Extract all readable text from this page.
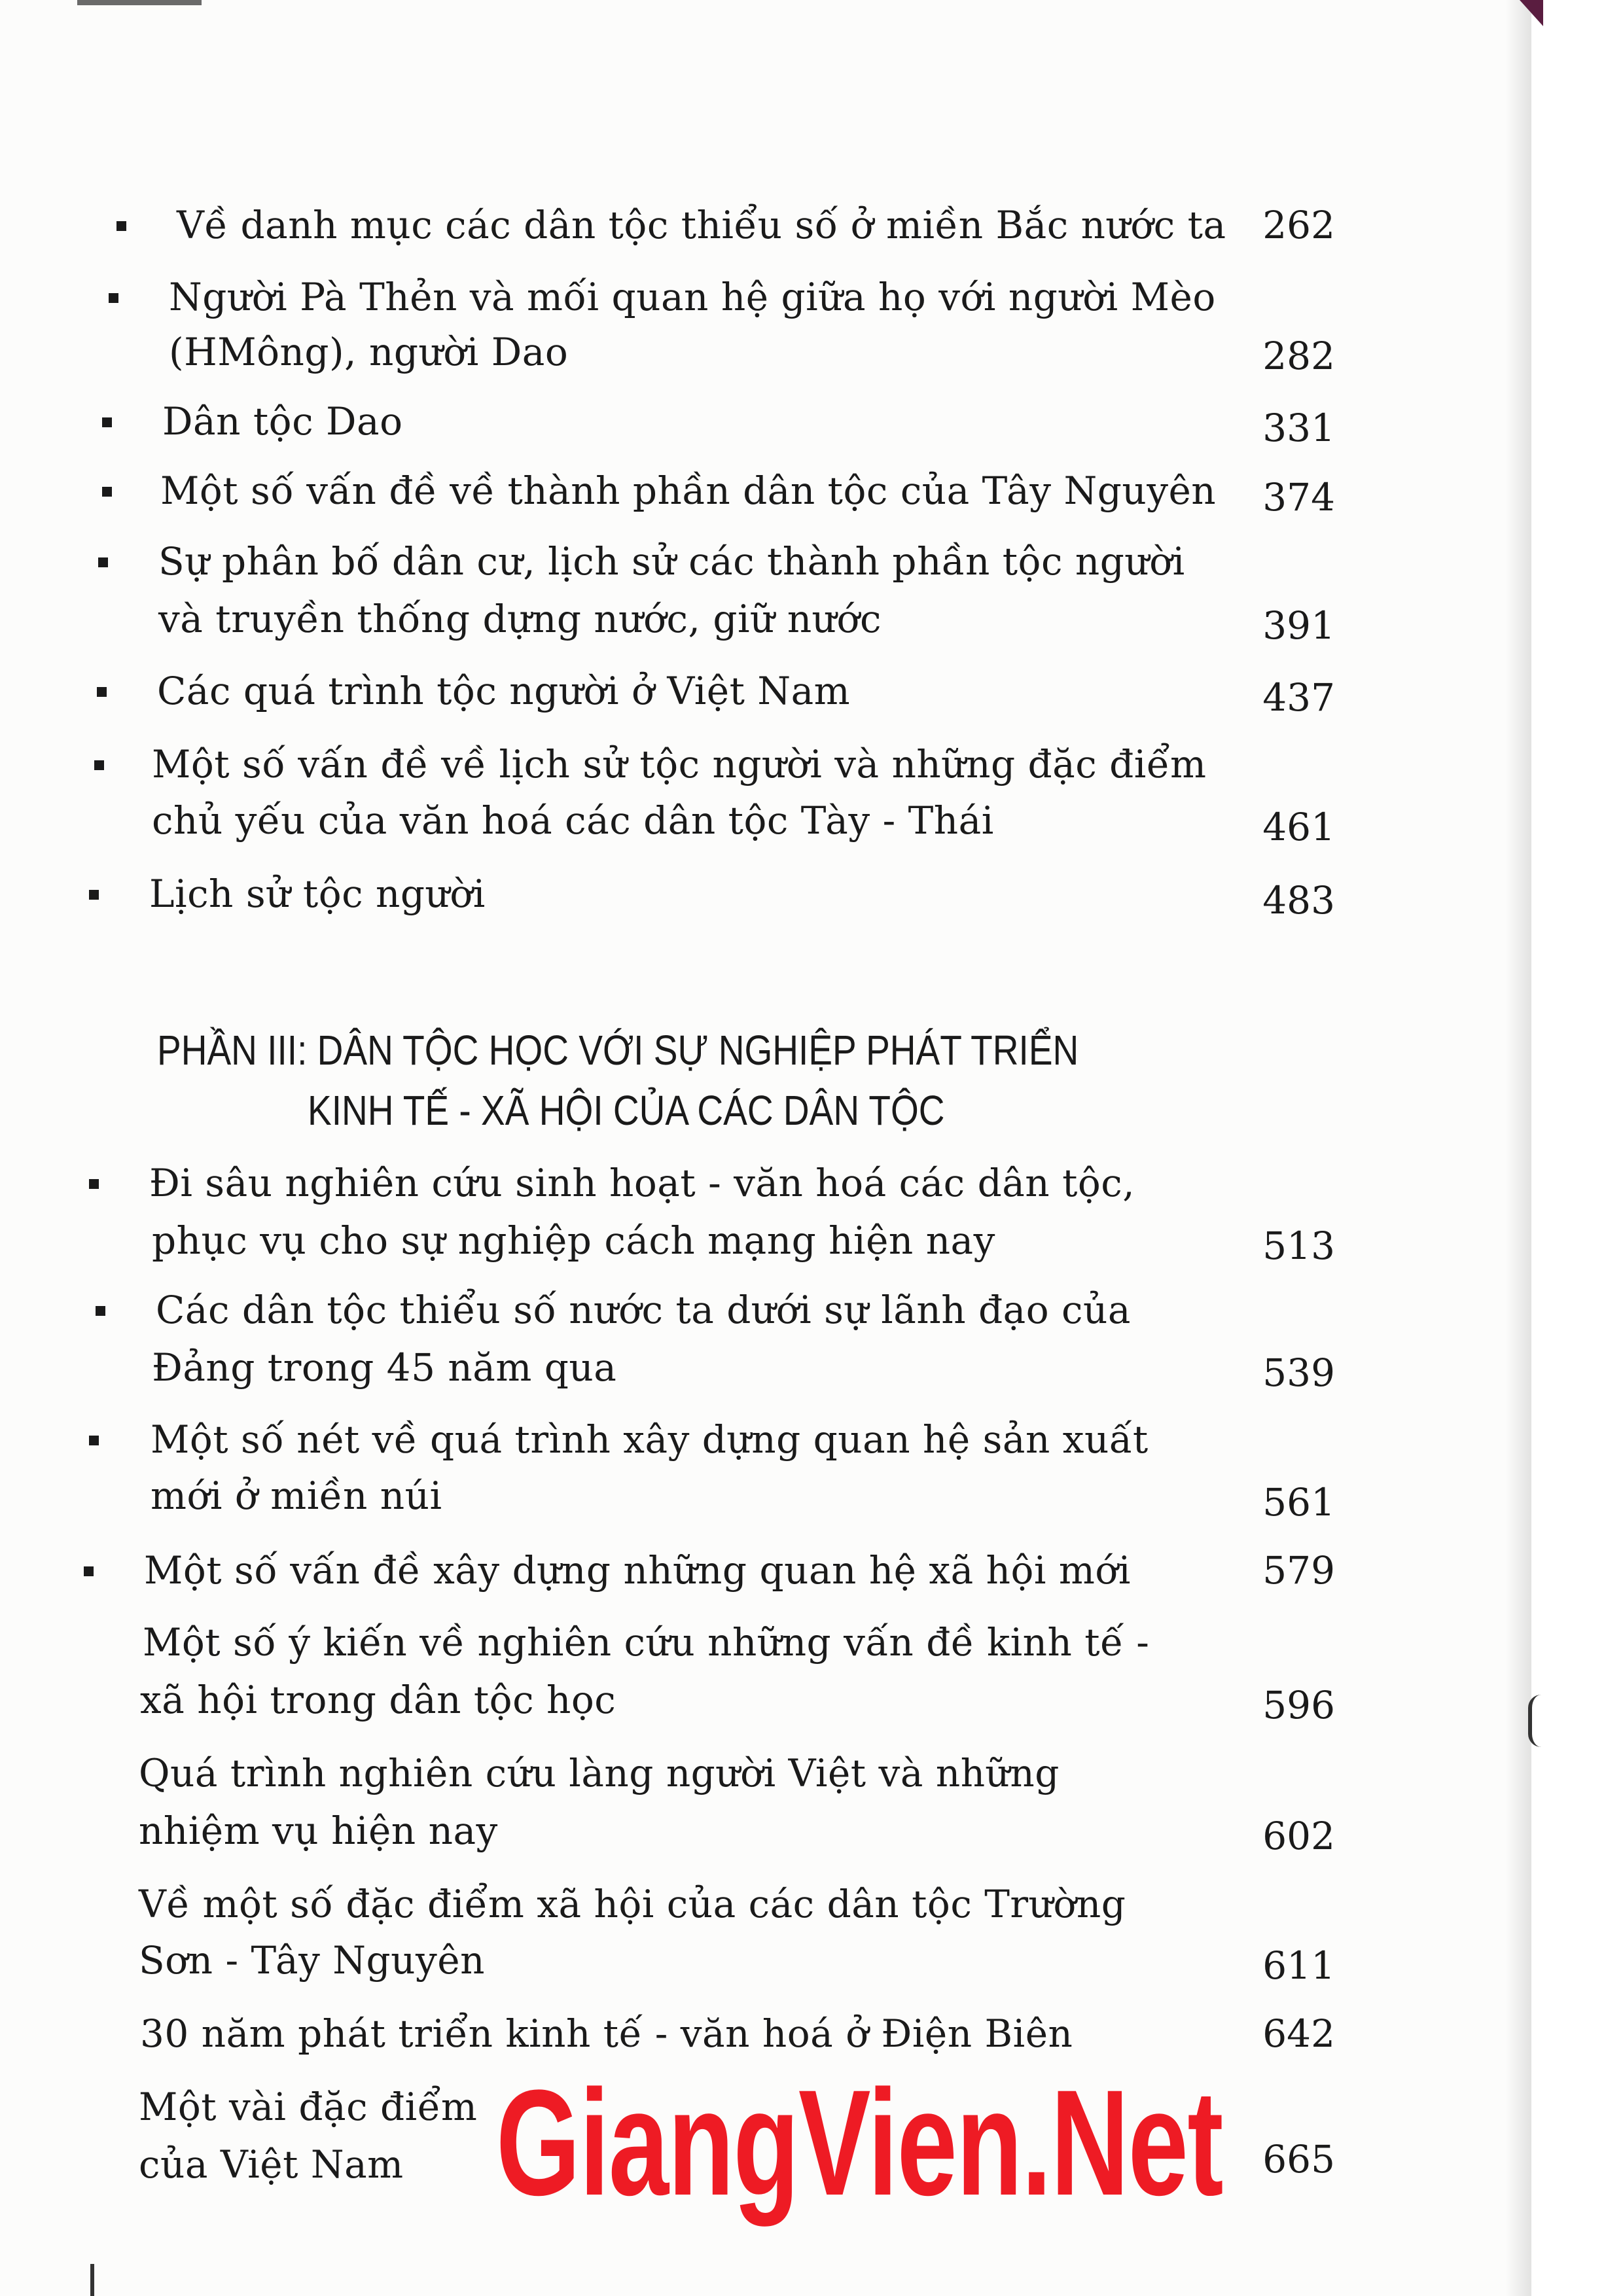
Về danh mục các dân tộc thiểu số ở miền Bắc nước ta 262
Người Pà Thẻn và mối quan hệ giữa họ với người Mèo
(HMông), người Dao	282
Dân tộc Dao	331
Một số vấn đề về thành phần dân tộc của Tây Nguyên 374
Sự phân bố dân cư, lịch sử các thành phần tộc người
và truyền thống dựng nước, giữ nước	391
Các quá trình tộc người ở Việt Nam	437
Một số vấn đề về lịch sử tộc người và những đặc điểm
chủ yếu của văn hoá các dân tộc Tày - Thái	461
Lịch sử tộc người	483
PHẦN III: DÂN TỘC HỌC VỚI SỰ NGHIỆP PHÁT TRIỂN
KINH TẾ - XÃ HỘI CỦA CÁC DÂN TỘC
Đi sâu nghiên cứu sinh hoạt - văn hoá các dân tộc,
phục vụ cho sự nghiệp cách mạng hiện nay	513
Các dân tộc thiểu số nước ta dưới sự lãnh đạo của
Đảng trong 45 năm qua	539
Một số nét về quá trình xây dựng quan hệ sản xuất
mới ở miền núi	561
Một số vấn đề xây dựng những quan hệ xã hội mới	579
Một số ý kiến về nghiên cứu những vấn đề kinh tế -
xã hội trong dân tộc học	596
Quá trình nghiên cứu làng người Việt và những
nhiệm vụ hiện nay	602
Về một số đặc điểm xã hội của các dân tộc Trường
Sơn - Tây Nguyên	611
30 năm phát triển kinh tế - văn hoá ở Điện Biên	642
Một vài đặc điểm
của Việt Nam	665
GiangVien.Net
